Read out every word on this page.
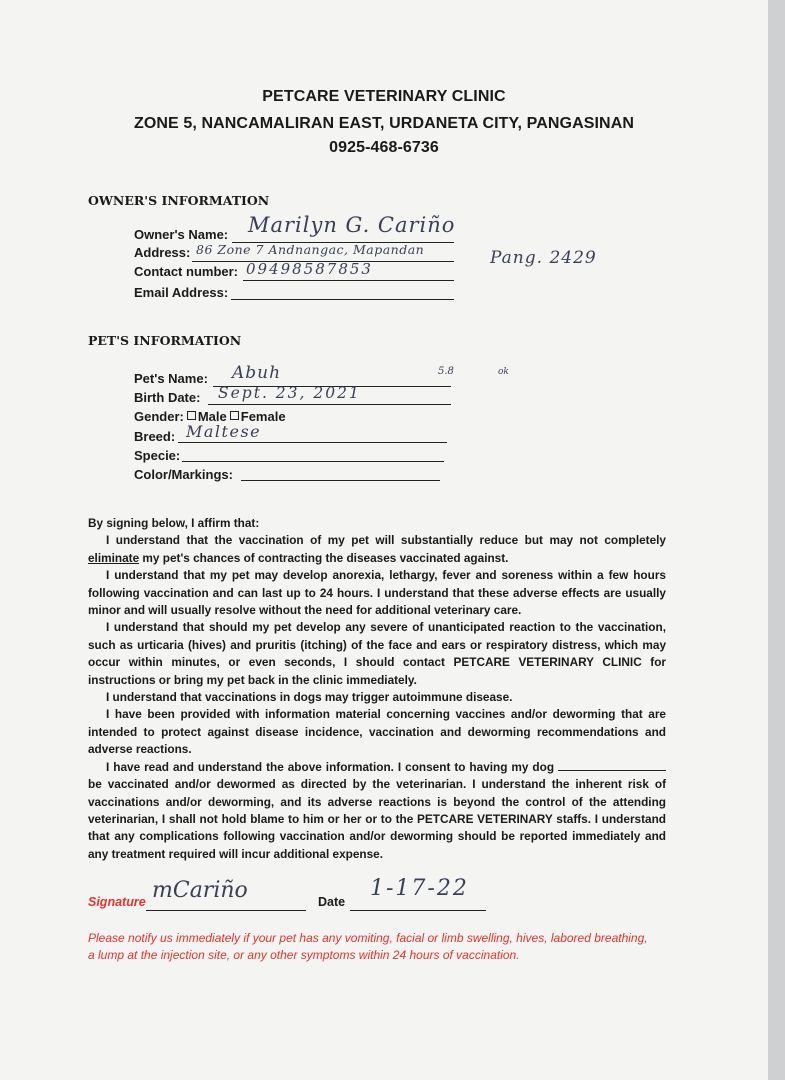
PETCARE VETERINARY CLINIC
ZONE 5, NANCAMALIRAN EAST, URDANETA CITY, PANGASINAN
0925-468-6736
OWNER'S INFORMATION
Owner's Name: Marilyn G. Cariño
Address: 86 Zone 7 Andnangac, Mapandan	Pang. 2429
Contact number: 09498587853
Email Address:
PET'S INFORMATION
Pet's Name: Abuh	5.8	ok
Birth Date: Sept. 23, 2021
Gender: Male Female
Breed: Maltese
Specie:
Color/Markings:

By signing below, I affirm that:

I understand that the vaccination of my pet will substantially reduce but may not completely eliminate my pet's chances of contracting the diseases vaccinated against.

I understand that my pet may develop anorexia, lethargy, fever and soreness within a few hours following vaccination and can last up to 24 hours. I understand that these adverse effects are usually minor and will usually resolve without the need for additional veterinary care.

I understand that should my pet develop any severe of unanticipated reaction to the vaccination, such as urticaria (hives) and pruritis (itching) of the face and ears or respiratory distress, which may occur within minutes, or even seconds, I should contact PETCARE VETERINARY CLINIC for instructions or bring my pet back in the clinic immediately.

I understand that vaccinations in dogs may trigger autoimmune disease.

I have been provided with information material concerning vaccines and/or deworming that are intended to protect against disease incidence, vaccination and deworming recommendations and adverse reactions.

I have read and understand the above information. I consent to having my dog  be vaccinated and/or dewormed as directed by the veterinarian. I understand the inherent risk of vaccinations and/or deworming, and its adverse reactions is beyond the control of the attending veterinarian, I shall not hold blame to him or her or to the PETCARE VETERINARY staffs. I understand that any complications following vaccination and/or deworming should be reported immediately and any treatment required will incur additional expense.

Signature mCariño	Date
1-17-22
Please notify us immediately if your pet has any vomiting, facial or limb swelling, hives, labored breathing, a lump at the injection site, or any other symptoms within 24 hours of vaccination.
